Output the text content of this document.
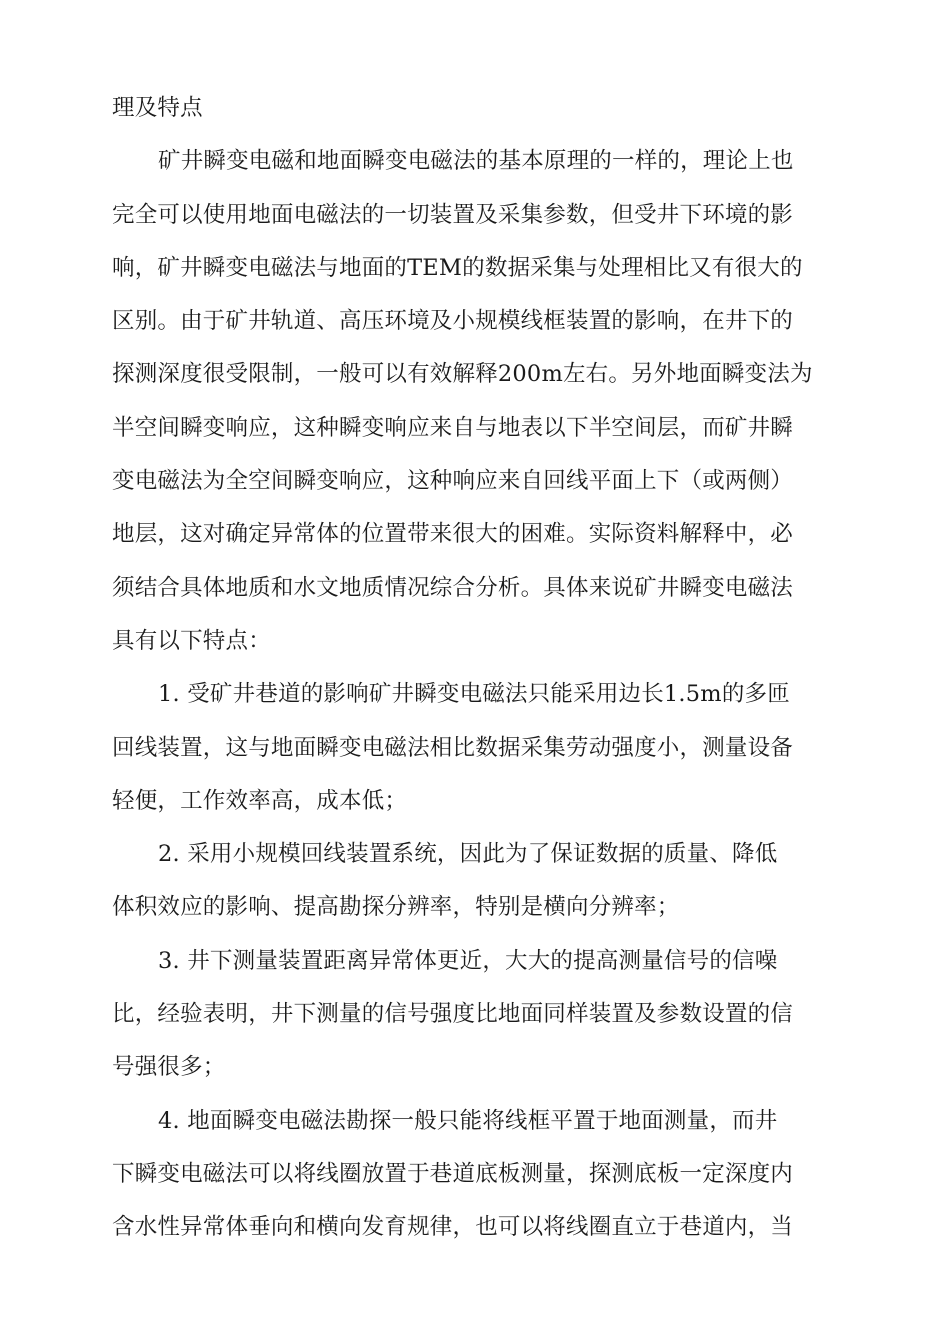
理及特点
矿井瞬变电磁和地面瞬变电磁法的基本原理的一样的，理论上也
完全可以使用地面电磁法的一切装置及采集参数，但受井下环境的影
响，矿井瞬变电磁法与地面的TEM的数据采集与处理相比又有很大的
区别。由于矿井轨道、高压环境及小规模线框装置的影响，在井下的
探测深度很受限制，一般可以有效解释200m左右。另外地面瞬变法为
半空间瞬变响应，这种瞬变响应来自与地表以下半空间层，而矿井瞬
变电磁法为全空间瞬变响应，这种响应来自回线平面上下（或两侧）
地层，这对确定异常体的位置带来很大的困难。实际资料解释中，必
须结合具体地质和水文地质情况综合分析。具体来说矿井瞬变电磁法
具有以下特点：
1. 受矿井巷道的影响矿井瞬变电磁法只能采用边长1.5m的多匝
回线装置，这与地面瞬变电磁法相比数据采集劳动强度小，测量设备
轻便，工作效率高，成本低；
2. 采用小规模回线装置系统，因此为了保证数据的质量、降低
体积效应的影响、提高勘探分辨率，特别是横向分辨率；
3. 井下测量装置距离异常体更近，大大的提高测量信号的信噪
比，经验表明，井下测量的信号强度比地面同样装置及参数设置的信
号强很多；
4. 地面瞬变电磁法勘探一般只能将线框平置于地面测量，而井
下瞬变电磁法可以将线圈放置于巷道底板测量，探测底板一定深度内
含水性异常体垂向和横向发育规律，也可以将线圈直立于巷道内，当
